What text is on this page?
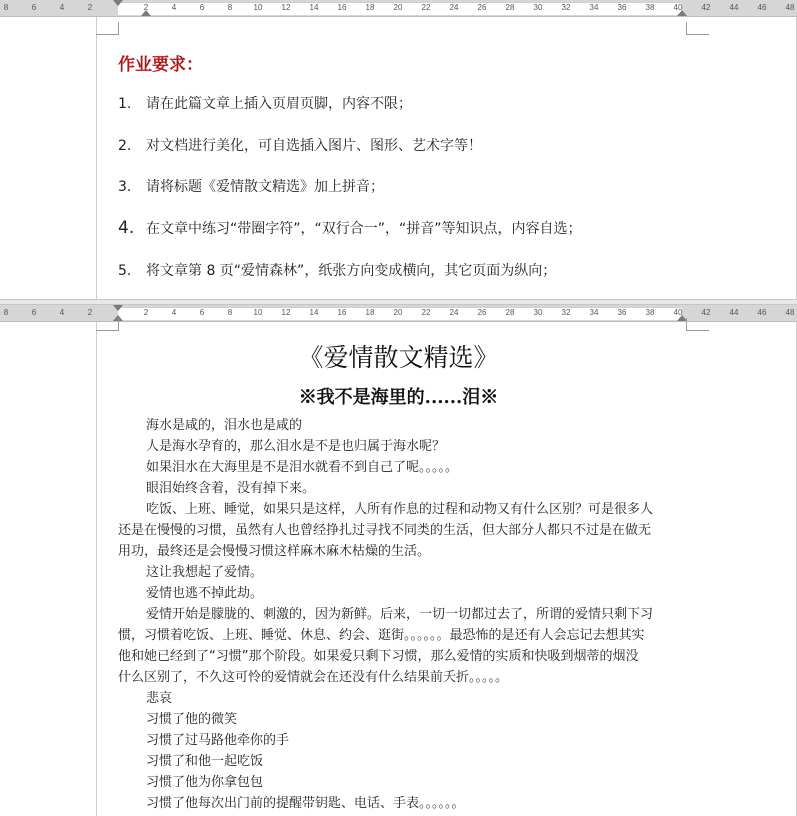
8	6	4	2	2	4	6	8	10 12 14 16 18 20 22 24 26 28 30 32 34 36 38 40 42 44 46 48
作业要求：
1. 请在此篇文章上插入页眉页脚，内容不限；
2. 对文档进行美化，可自选插入图片、图形、艺术字等！
3. 请将标题《爱情散文精选》加上拼音；
4. 在文章中练习“带圈字符”，“双行合一”，“拼音”等知识点，内容自选；
5. 将文章第 8 页“爱情森林”，纸张方向变成横向，其它页面为纵向；
8	6	4	2	2	4	6	8	10 12 14 16 18 20 22 24 26 28 30 32 34 36 38 40 42 44 46 48
《爱情散文精选》
※我不是海里的......泪※
海水是咸的，泪水也是咸的
人是海水孕育的，那么泪水是不是也归属于海水呢？
如果泪水在大海里是不是泪水就看不到自己了呢。。。。。
眼泪始终含着，没有掉下来。
吃饭、上班、睡觉，如果只是这样，人所有作息的过程和动物又有什么区别？可是很多人
还是在慢慢的习惯，虽然有人也曾经挣扎过寻找不同类的生活，但大部分人都只不过是在做无
用功，最终还是会慢慢习惯这样麻木麻木枯燥的生活。
这让我想起了爱情。
爱情也逃不掉此劫。
爱情开始是朦胧的、刺激的，因为新鲜。后来，一切一切都过去了，所谓的爱情只剩下习
惯，习惯着吃饭、上班、睡觉、休息、约会、逛街。。。。。。最恐怖的是还有人会忘记去想其实
他和她已经到了“习惯”那个阶段。如果爱只剩下习惯，那么爱情的实质和快吸到烟蒂的烟没
什么区别了，不久这可怜的爱情就会在还没有什么结果前夭折。。。。。
悲哀
习惯了他的微笑
习惯了过马路他牵你的手
习惯了和他一起吃饭
习惯了他为你拿包包
习惯了他每次出门前的提醒带钥匙、电话、手表。。。。。。
